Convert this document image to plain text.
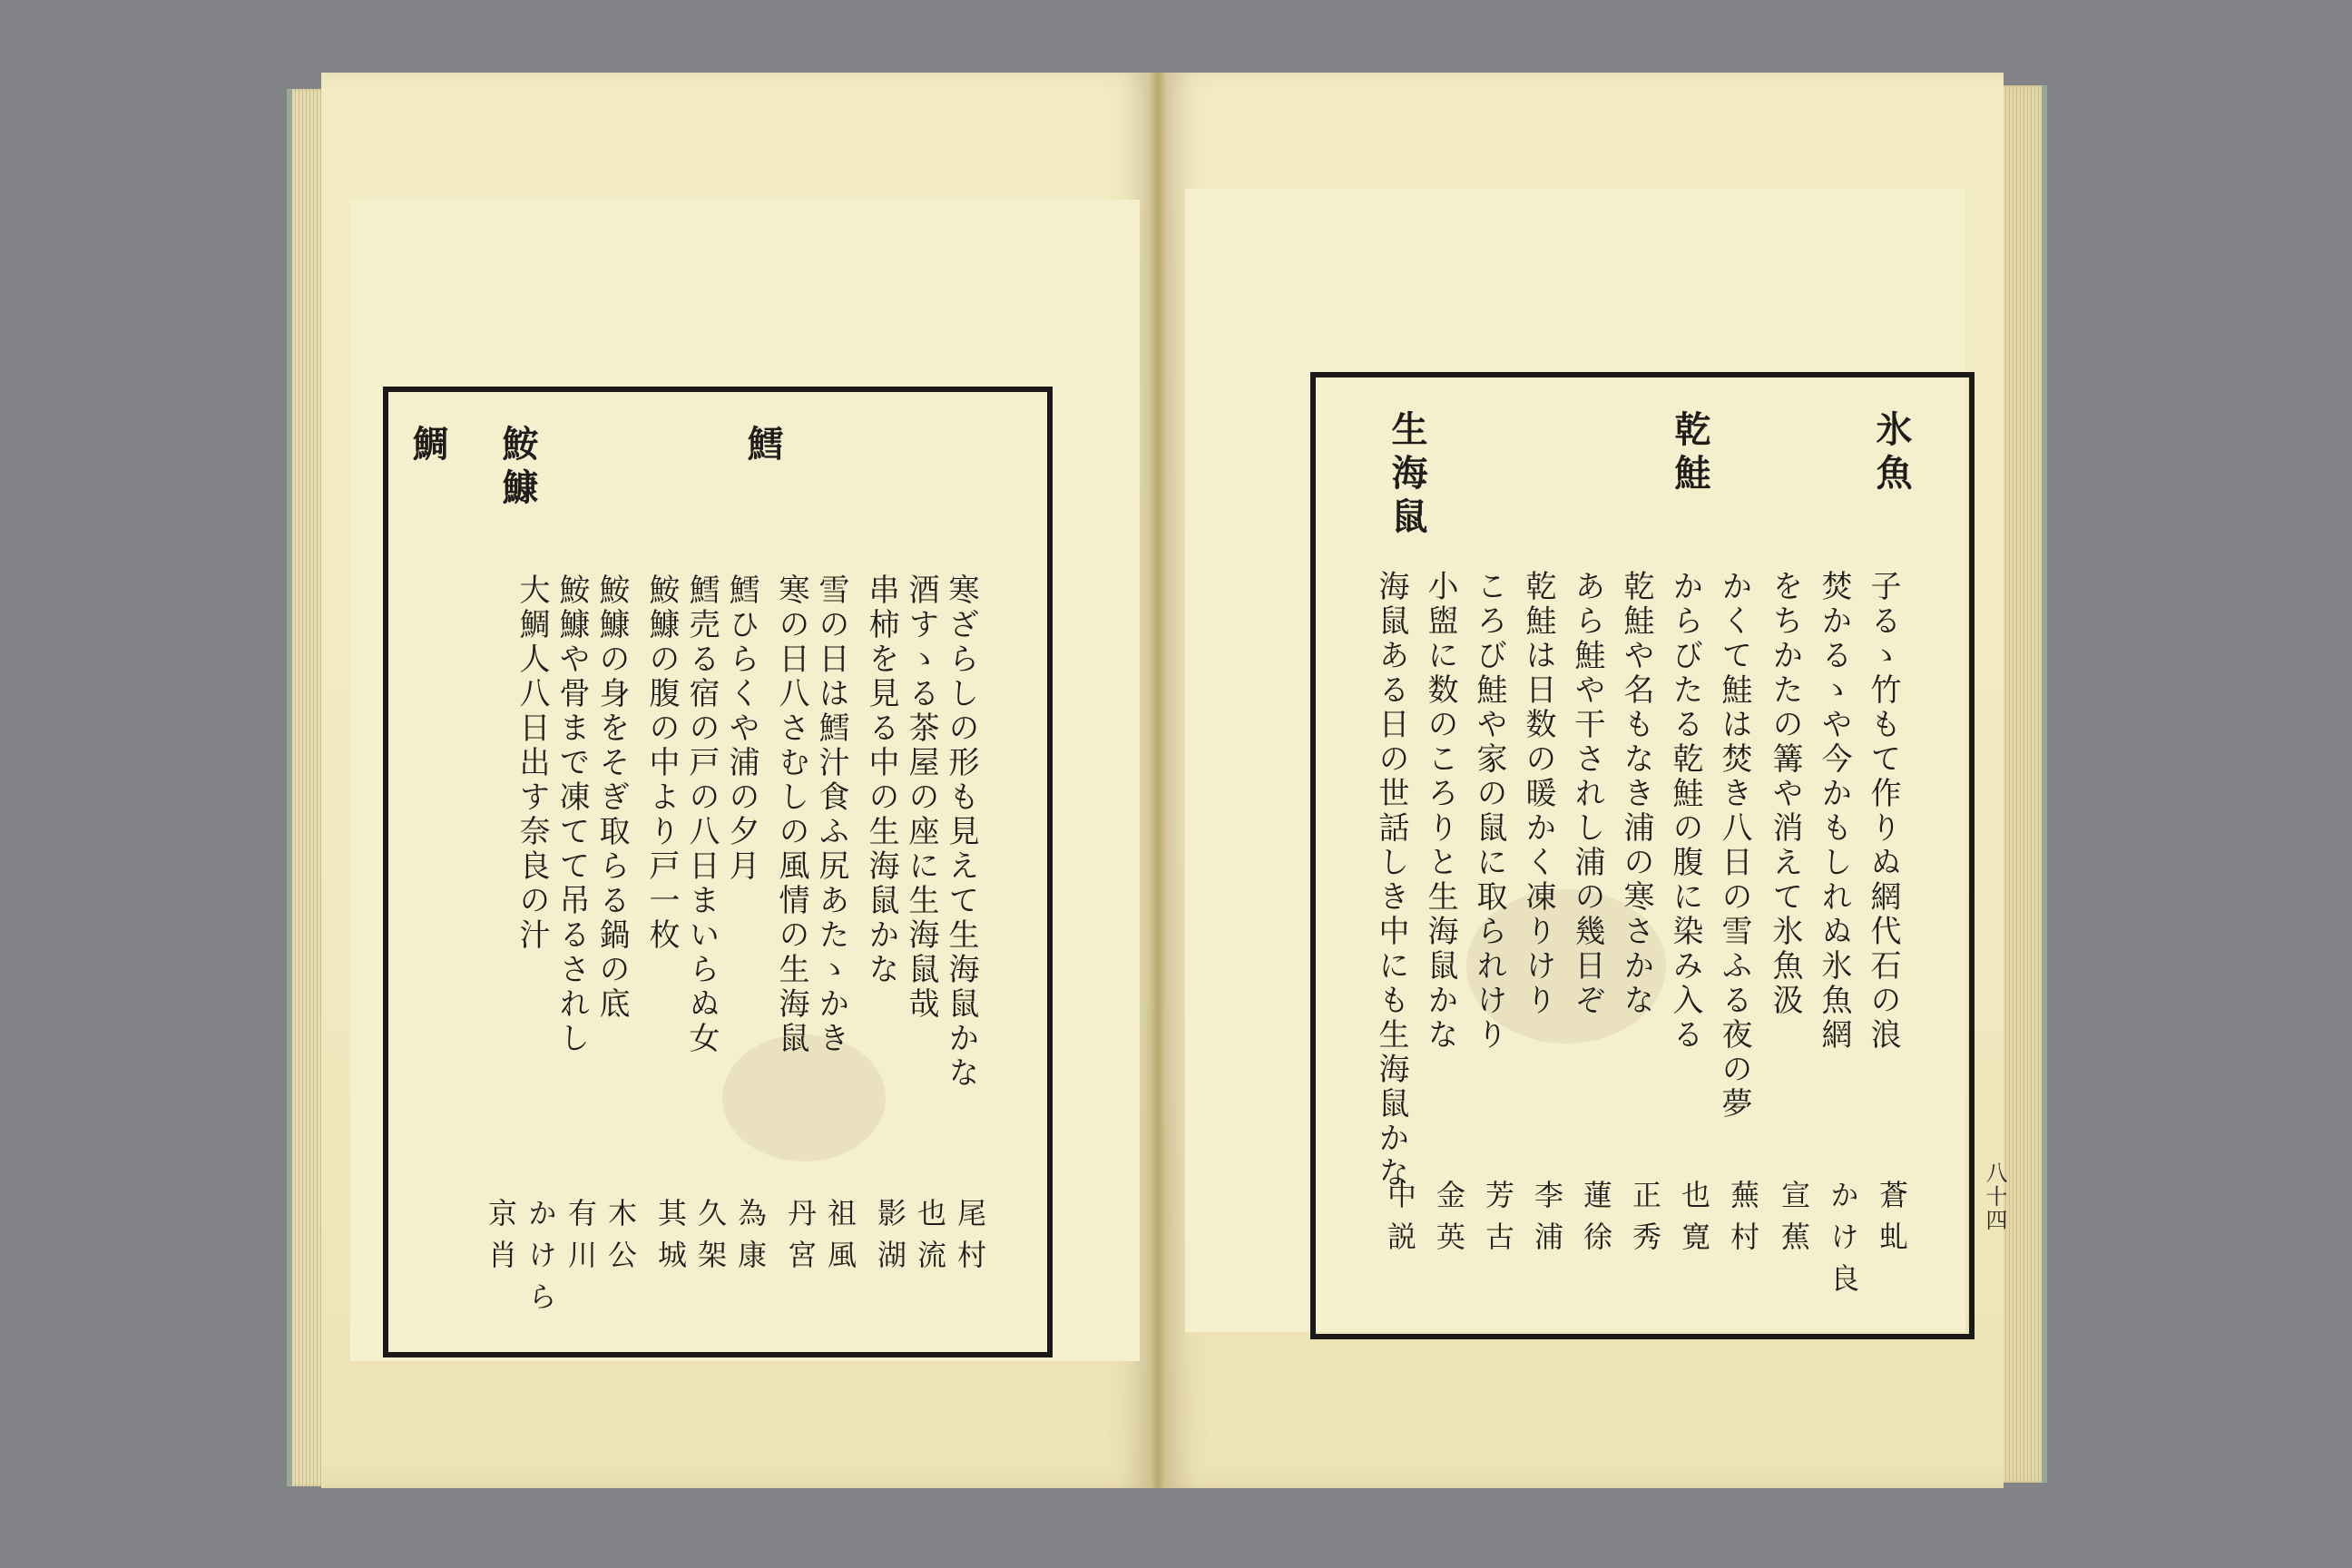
鱈
鮟鱇
鯛
寒ざらしの形も見えて生海鼠かな
酒すゝる茶屋の座に生海鼠哉
串柿を見る中の生海鼠かな
雪の日は鱈汁食ふ尻あたゝかき
寒の日八さむしの風情の生海鼠
鱈ひらくや浦の夕月
鱈売る宿の戸の八日まいらぬ女
鮟鱇の腹の中より戸一枚
鮟鱇の身をそぎ取らる鍋の底
鮟鱇や骨まで凍てて吊るされし
大鯛人八日出す奈良の汁
尾村
也流
影湖
祖風
丹宮
為康
久架
其城
木公
有川
かけら
京肖
氷魚
乾鮭
生海鼠
子るゝ竹もて作りぬ網代石の浪
焚かるゝや今かもしれぬ氷魚網
をちかたの篝や消えて氷魚汲
かくて鮭は焚き八日の雪ふる夜の夢
からびたる乾鮭の腹に染み入る
乾鮭や名もなき浦の寒さかな
あら鮭や干されし浦の幾日ぞ
乾鮭は日数の暖かく凍りけり
ころび鮭や家の鼠に取られけり
小盥に数のころりと生海鼠かな
海鼠ある日の世話しき中にも生海鼠かな
蒼虬
かけ良
宣蕉
蕪村
也寛
正秀
蓮徐
李浦
芳古
金英
中説	八十四
